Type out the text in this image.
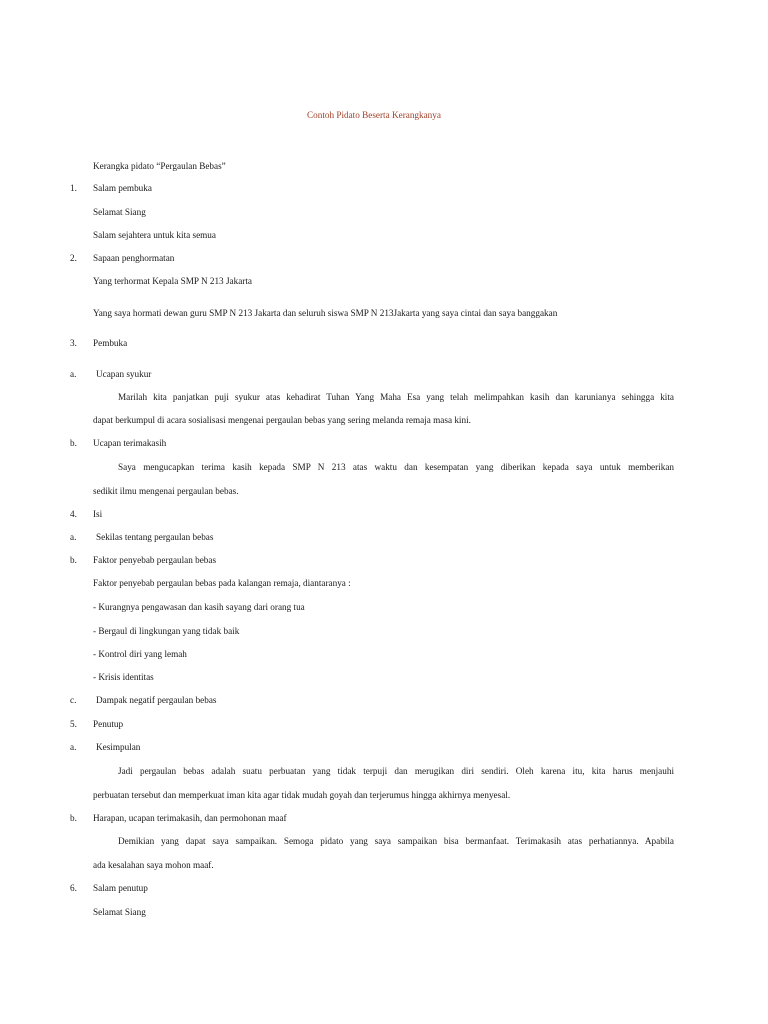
Contoh Pidato Beserta Kerangkanya
Kerangka pidato “Pergaulan Bebas”
1. Salam pembuka
Selamat Siang
Salam sejahtera untuk kita semua
2. Sapaan penghormatan
Yang terhormat Kepala SMP N 213 Jakarta
Yang saya hormati dewan guru SMP N 213 Jakarta dan seluruh siswa SMP N 213Jakarta yang saya cintai dan saya banggakan
3. Pembuka
a. Ucapan syukur
Marilah kita panjatkan puji syukur atas kehadirat Tuhan Yang Maha Esa yang telah melimpahkan kasih dan karunianya sehingga kita
dapat berkumpul di acara sosialisasi mengenai pergaulan bebas yang sering melanda remaja masa kini.
b. Ucapan terimakasih
Saya mengucapkan terima kasih kepada SMP N 213 atas waktu dan kesempatan yang diberikan kepada saya untuk memberikan
sedikit ilmu mengenai pergaulan bebas.
4. Isi
a. Sekilas tentang pergaulan bebas
b. Faktor penyebab pergaulan bebas
Faktor penyebab pergaulan bebas pada kalangan remaja, diantaranya :
- Kurangnya pengawasan dan kasih sayang dari orang tua
- Bergaul di lingkungan yang tidak baik
- Kontrol diri yang lemah
- Krisis identitas
c. Dampak negatif pergaulan bebas
5. Penutup
a. Kesimpulan
Jadi pergaulan bebas adalah suatu perbuatan yang tidak terpuji dan merugikan diri sendiri. Oleh karena itu, kita harus menjauhi
perbuatan tersebut dan memperkuat iman kita agar tidak mudah goyah dan terjerumus hingga akhirnya menyesal.
b. Harapan, ucapan terimakasih, dan permohonan maaf
Demikian yang dapat saya sampaikan. Semoga pidato yang saya sampaikan bisa bermanfaat. Terimakasih atas perhatiannya. Apabila
ada kesalahan saya mohon maaf.
6. Salam penutup
Selamat Siang
